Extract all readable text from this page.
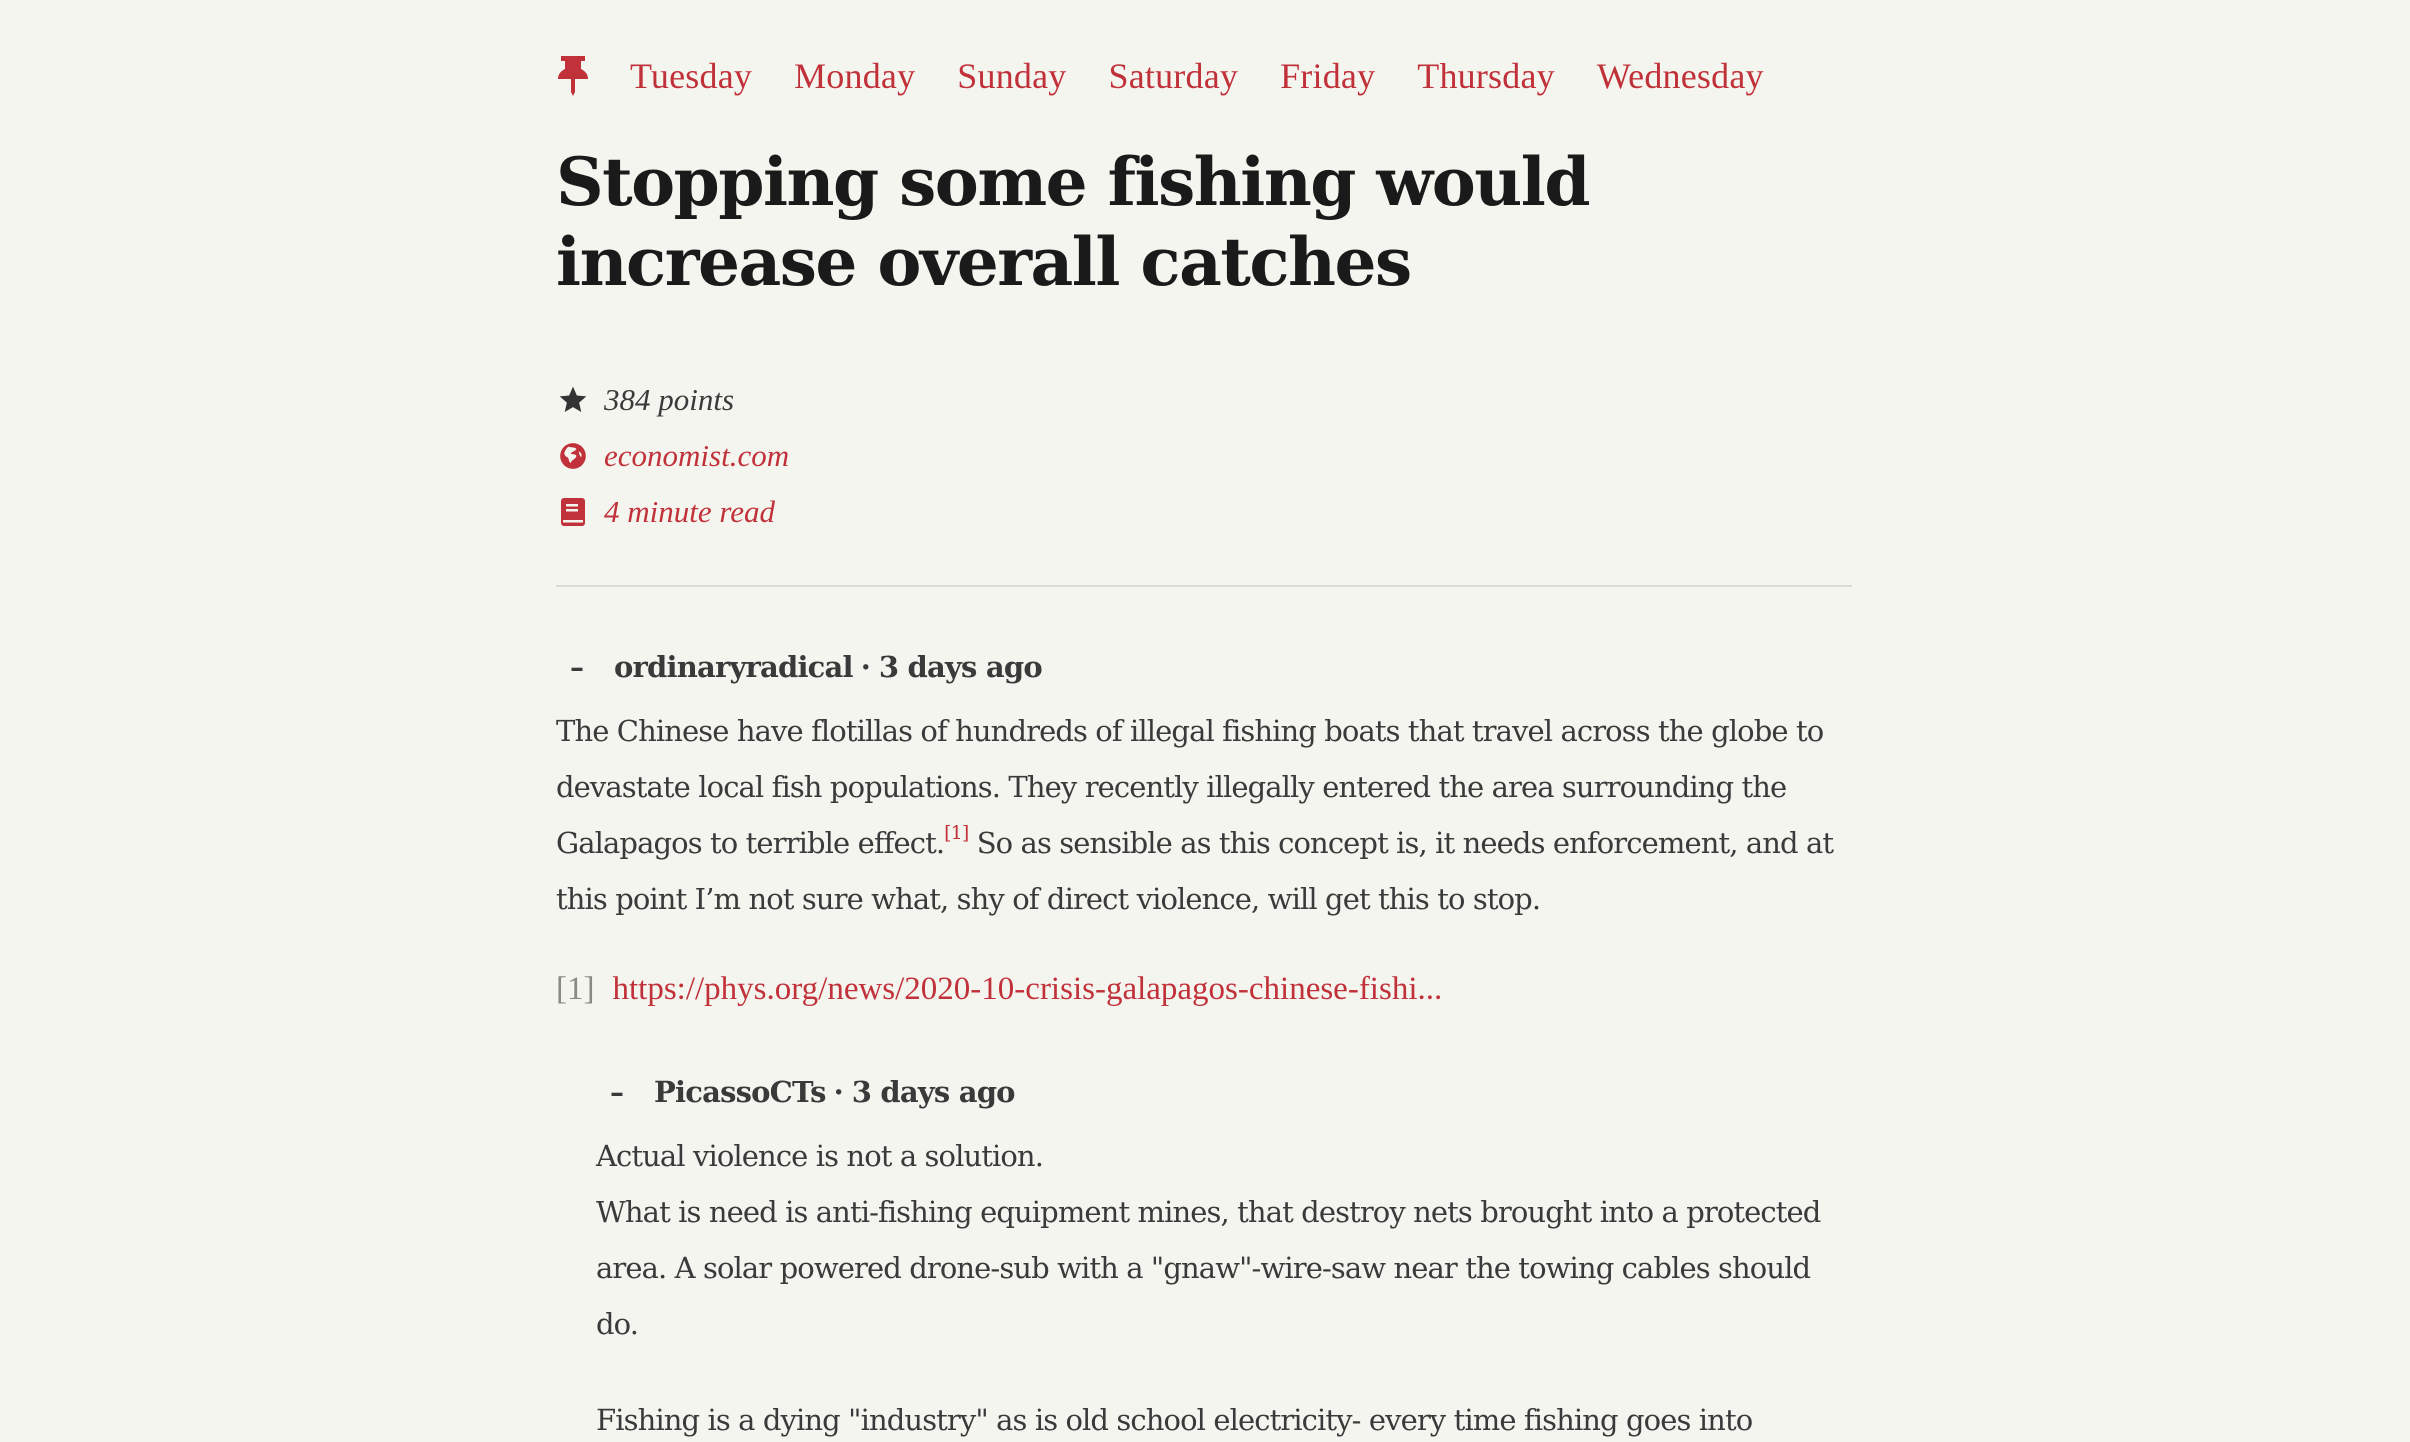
Tuesday Monday Sunday Saturday Friday Thursday Wednesday
Stopping some fishing would
increase overall catches
384 points
economist.com
4 minute read
–	ordinaryradical · 3 days ago

The Chinese have flotillas of hundreds of illegal fishing boats that travel across the globe to devastate local fish populations. They recently illegally entered the area surrounding the Galapagos to terrible effect.[1] So as sensible as this concept is, it needs enforcement, and at this point I’m not sure what, shy of direct violence, will get this to stop.

[1] https://phys.org/news/2020-10-crisis-galapagos-chinese-fishi...
–	PicassoCTs · 3 days ago

Actual violence is not a solution.

What is need is anti-fishing equipment mines, that destroy nets brought into a protected area. A solar powered drone-sub with a "gnaw"-wire-saw near the towing cables should do.

Fishing is a dying "industry" as is old school electricity- every time fishing goes into
